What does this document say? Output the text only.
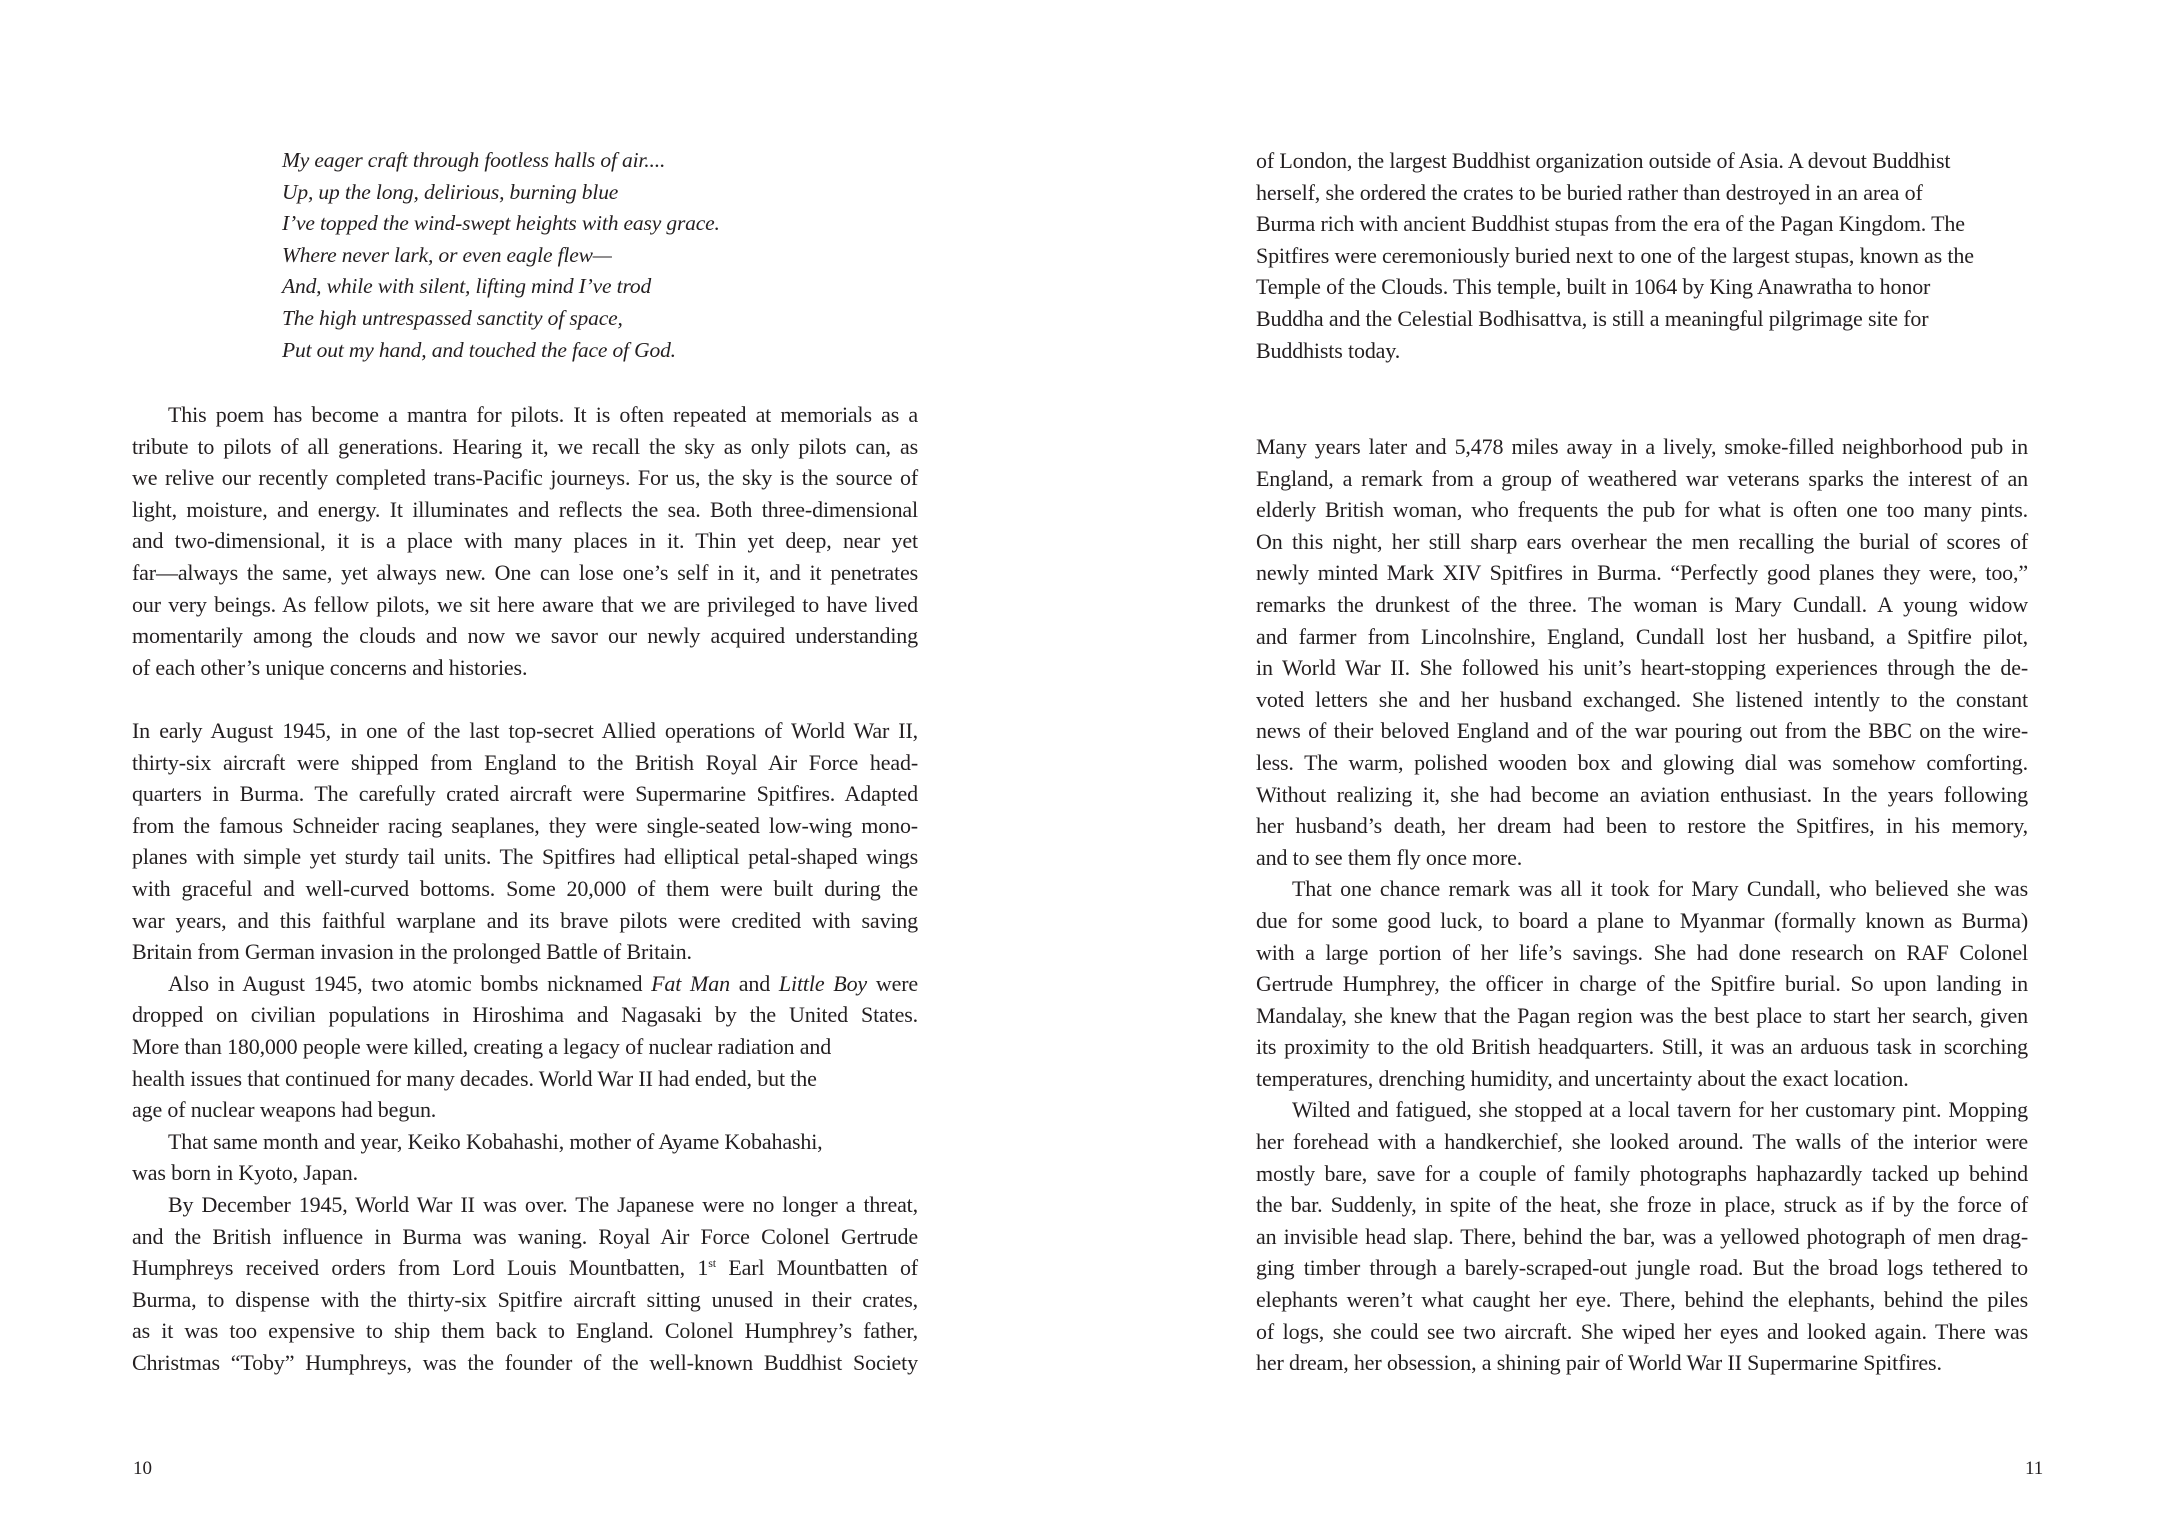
My eager craft through footless halls of air....
Up, up the long, delirious, burning blue
I’ve topped the wind-swept heights with easy grace.
Where never lark, or even eagle flew—
And, while with silent, lifting mind I’ve trod
The high untrespassed sanctity of space,
Put out my hand, and touched the face of God.
This poem has become a mantra for pilots. It is often repeated at memorials as a
tribute to pilots of all generations. Hearing it, we recall the sky as only pilots can, as
we relive our recently completed trans-Pacific journeys. For us, the sky is the source of
light, moisture, and energy. It illuminates and reflects the sea. Both three-dimensional
and two-dimensional, it is a place with many places in it. Thin yet deep, near yet
far—always the same, yet always new. One can lose one’s self in it, and it penetrates
our very beings. As fellow pilots, we sit here aware that we are privileged to have lived
momentarily among the clouds and now we savor our newly acquired understanding
of each other’s unique concerns and histories.
In early August 1945, in one of the last top-secret Allied operations of World War II,
thirty-six aircraft were shipped from England to the British Royal Air Force head-
quarters in Burma. The carefully crated aircraft were Supermarine Spitfires. Adapted
from the famous Schneider racing seaplanes, they were single-seated low-wing mono-
planes with simple yet sturdy tail units. The Spitfires had elliptical petal-shaped wings
with graceful and well-curved bottoms. Some 20,000 of them were built during the
war years, and this faithful warplane and its brave pilots were credited with saving
Britain from German invasion in the prolonged Battle of Britain.
Also in August 1945, two atomic bombs nicknamed Fat Man and Little Boy were
dropped on civilian populations in Hiroshima and Nagasaki by the United States.
More than 180,000 people were killed, creating a legacy of nuclear radiation and
health issues that continued for many decades. World War II had ended, but the
age of nuclear weapons had begun.
That same month and year, Keiko Kobahashi, mother of Ayame Kobahashi,
was born in Kyoto, Japan.
By December 1945, World War II was over. The Japanese were no longer a threat,
and the British influence in Burma was waning. Royal Air Force Colonel Gertrude
Humphreys received orders from Lord Louis Mountbatten, 1st Earl Mountbatten of
Burma, to dispense with the thirty-six Spitfire aircraft sitting unused in their crates,
as it was too expensive to ship them back to England. Colonel Humphrey’s father,
Christmas “Toby” Humphreys, was the founder of the well-known Buddhist Society
10
of London, the largest Buddhist organization outside of Asia. A devout Buddhist
herself, she ordered the crates to be buried rather than destroyed in an area of
Burma rich with ancient Buddhist stupas from the era of the Pagan Kingdom. The
Spitfires were ceremoniously buried next to one of the largest stupas, known as the
Temple of the Clouds. This temple, built in 1064 by King Anawratha to honor
Buddha and the Celestial Bodhisattva, is still a meaningful pilgrimage site for
Buddhists today.
Many years later and 5,478 miles away in a lively, smoke-filled neighborhood pub in
England, a remark from a group of weathered war veterans sparks the interest of an
elderly British woman, who frequents the pub for what is often one too many pints.
On this night, her still sharp ears overhear the men recalling the burial of scores of
newly minted Mark XIV Spitfires in Burma. “Perfectly good planes they were, too,”
remarks the drunkest of the three. The woman is Mary Cundall. A young widow
and farmer from Lincolnshire, England, Cundall lost her husband, a Spitfire pilot,
in World War II. She followed his unit’s heart-stopping experiences through the de-
voted letters she and her husband exchanged. She listened intently to the constant
news of their beloved England and of the war pouring out from the BBC on the wire-
less. The warm, polished wooden box and glowing dial was somehow comforting.
Without realizing it, she had become an aviation enthusiast. In the years following
her husband’s death, her dream had been to restore the Spitfires, in his memory,
and to see them fly once more.
That one chance remark was all it took for Mary Cundall, who believed she was
due for some good luck, to board a plane to Myanmar (formally known as Burma)
with a large portion of her life’s savings. She had done research on RAF Colonel
Gertrude Humphrey, the officer in charge of the Spitfire burial. So upon landing in
Mandalay, she knew that the Pagan region was the best place to start her search, given
its proximity to the old British headquarters. Still, it was an arduous task in scorching
temperatures, drenching humidity, and uncertainty about the exact location.
Wilted and fatigued, she stopped at a local tavern for her customary pint. Mopping
her forehead with a handkerchief, she looked around. The walls of the interior were
mostly bare, save for a couple of family photographs haphazardly tacked up behind
the bar. Suddenly, in spite of the heat, she froze in place, struck as if by the force of
an invisible head slap. There, behind the bar, was a yellowed photograph of men drag-
ging timber through a barely-scraped-out jungle road. But the broad logs tethered to
elephants weren’t what caught her eye. There, behind the elephants, behind the piles
of logs, she could see two aircraft. She wiped her eyes and looked again. There was
her dream, her obsession, a shining pair of World War II Supermarine Spitfires.
11
